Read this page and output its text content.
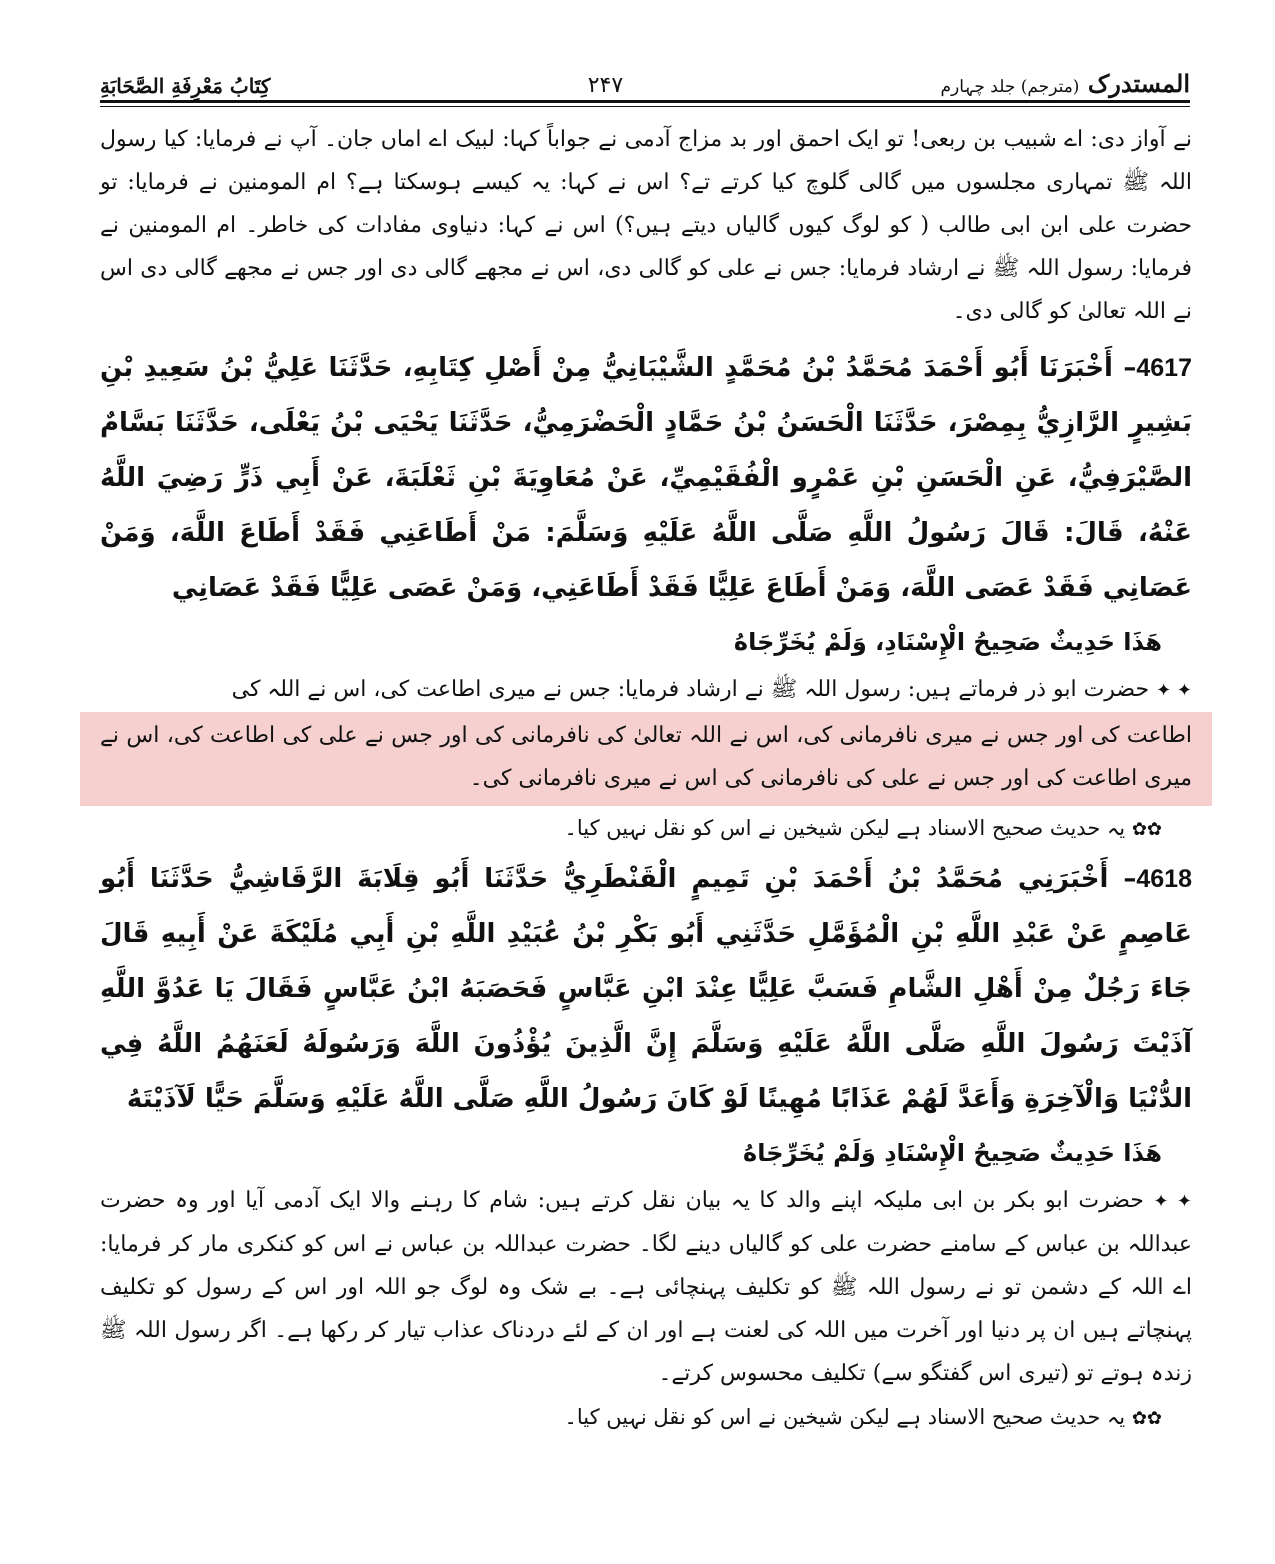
المستدرک (مترجم) جلد چہارم
۲۴۷
كِتَابُ مَعْرِفَةِ الصَّحَابَةِ

نے آواز دی: اے شبیب بن ربعی! تو ایک احمق اور بد مزاج آدمی نے جواباً کہا: لبیک اے اماں جان۔ آپ نے فرمایا: کیا رسول اللہ ﷺ تمہاری مجلسوں میں گالی گلوچ کیا کرتے تے؟ اس نے کہا: یہ کیسے ہوسکتا ہے؟ ام المومنین نے فرمایا: تو حضرت علی ابن ابی طالب ( کو لوگ کیوں گالیاں دیتے ہیں؟) اس نے کہا: دنیاوی مفادات کی خاطر۔ ام المومنین نے فرمایا: رسول اللہ ﷺ نے ارشاد فرمایا: جس نے علی کو گالی دی، اس نے مجھے گالی دی اور جس نے مجھے گالی دی اس نے اللہ تعالیٰ کو گالی دی۔

4617– أَخْبَرَنَا أَبُو أَحْمَدَ مُحَمَّدُ بْنُ مُحَمَّدٍ الشَّيْبَانِيُّ مِنْ أَصْلِ كِتَابِهِ، حَدَّثَنَا عَلِيُّ بْنُ سَعِيدِ بْنِ بَشِيرٍ الرَّازِيُّ بِمِصْرَ، حَدَّثَنَا الْحَسَنُ بْنُ حَمَّادٍ الْحَضْرَمِيُّ، حَدَّثَنَا يَحْيَى بْنُ يَعْلَى، حَدَّثَنَا بَسَّامٌ الصَّيْرَفِيُّ، عَنِ الْحَسَنِ بْنِ عَمْرٍو الْفُقَيْمِيِّ، عَنْ مُعَاوِيَةَ بْنِ ثَعْلَبَةَ، عَنْ أَبِي ذَرٍّ رَضِيَ اللَّهُ عَنْهُ، قَالَ: قَالَ رَسُولُ اللَّهِ صَلَّى اللَّهُ عَلَيْهِ وَسَلَّمَ: مَنْ أَطَاعَنِي فَقَدْ أَطَاعَ اللَّهَ، وَمَنْ عَصَانِي فَقَدْ عَصَى اللَّهَ، وَمَنْ أَطَاعَ عَلِيًّا فَقَدْ أَطَاعَنِي، وَمَنْ عَصَى عَلِيًّا فَقَدْ عَصَانِي

هَذَا حَدِيثٌ صَحِيحُ الْإِسْنَادِ، وَلَمْ يُخَرِّجَاهُ

✦ ✦ حضرت ابو ذر فرماتے ہیں: رسول اللہ ﷺ نے ارشاد فرمایا: جس نے میری اطاعت کی، اس نے اللہ کی

اطاعت کی اور جس نے میری نافرمانی کی، اس نے اللہ تعالیٰ کی نافرمانی کی اور جس نے علی کی اطاعت کی، اس نے میری اطاعت کی اور جس نے علی کی نافرمانی کی اس نے میری نافرمانی کی۔

✿✿ یہ حدیث صحیح الاسناد ہے لیکن شیخین نے اس کو نقل نہیں کیا۔

4618– أَخْبَرَنِي مُحَمَّدُ بْنُ أَحْمَدَ بْنِ تَمِيمٍ الْقَنْطَرِيُّ حَدَّثَنَا أَبُو قِلَابَةَ الرَّقَاشِيُّ حَدَّثَنَا أَبُو عَاصِمٍ عَنْ عَبْدِ اللَّهِ بْنِ الْمُؤَمَّلِ حَدَّثَنِي أَبُو بَكْرِ بْنُ عُبَيْدِ اللَّهِ بْنِ أَبِي مُلَيْكَةَ عَنْ أَبِيهِ قَالَ جَاءَ رَجُلٌ مِنْ أَهْلِ الشَّامِ فَسَبَّ عَلِيًّا عِنْدَ ابْنِ عَبَّاسٍ فَحَصَبَهُ ابْنُ عَبَّاسٍ فَقَالَ يَا عَدُوَّ اللَّهِ آذَيْتَ رَسُولَ اللَّهِ صَلَّى اللَّهُ عَلَيْهِ وَسَلَّمَ إِنَّ الَّذِينَ يُؤْذُونَ اللَّهَ وَرَسُولَهُ لَعَنَهُمُ اللَّهُ فِي الدُّنْيَا وَالْآخِرَةِ وَأَعَدَّ لَهُمْ عَذَابًا مُهِينًا لَوْ كَانَ رَسُولُ اللَّهِ صَلَّى اللَّهُ عَلَيْهِ وَسَلَّمَ حَيًّا لَآذَيْتَهُ

هَذَا حَدِيثٌ صَحِيحُ الْإِسْنَادِ وَلَمْ يُخَرِّجَاهُ

✦ ✦ حضرت ابو بکر بن ابی ملیکہ اپنے والد کا یہ بیان نقل کرتے ہیں: شام کا رہنے والا ایک آدمی آیا اور وہ حضرت عبداللہ بن عباس کے سامنے حضرت علی کو گالیاں دینے لگا۔ حضرت عبداللہ بن عباس نے اس کو کنکری مار کر فرمایا: اے اللہ کے دشمن تو نے رسول اللہ ﷺ کو تکلیف پہنچائی ہے۔ بے شک وہ لوگ جو اللہ اور اس کے رسول کو تکلیف پہنچاتے ہیں ان پر دنیا اور آخرت میں اللہ کی لعنت ہے اور ان کے لئے دردناک عذاب تیار کر رکھا ہے۔ اگر رسول اللہ ﷺ زندہ ہوتے تو (تیری اس گفتگو سے) تکلیف محسوس کرتے۔

✿✿ یہ حدیث صحیح الاسناد ہے لیکن شیخین نے اس کو نقل نہیں کیا۔
